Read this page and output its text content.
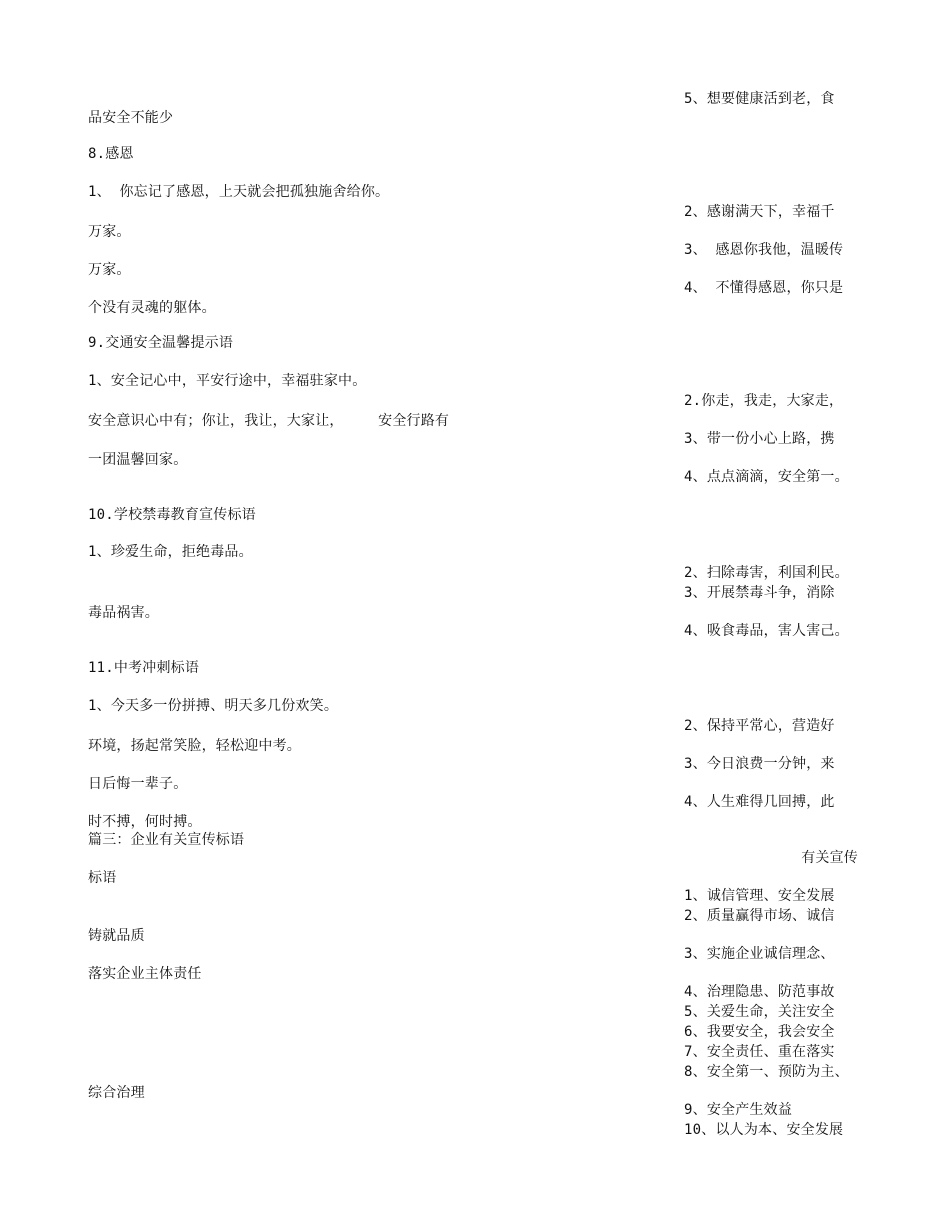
品安全不能少
8.感恩
1、 你忘记了感恩，上天就会把孤独施舍给你。
万家。
万家。
个没有灵魂的躯体。
9.交通安全温馨提示语
1、安全记心中，平安行途中，幸福驻家中。
安全意识心中有；你让，我让，大家让，    安全行路有
一团温馨回家。
10.学校禁毒教育宣传标语
1、珍爱生命，拒绝毒品。
毒品祸害。
11.中考冲刺标语
1、今天多一份拼搏、明天多几份欢笑。
环境，扬起常笑脸，轻松迎中考。
日后悔一辈子。
时不搏，何时搏。
篇三：企业有关宣传标语
标语
铸就品质
落实企业主体责任
综合治理
5、想要健康活到老，食
2、感谢满天下，幸福千
3、 感恩你我他，温暖传
4、 不懂得感恩，你只是
2.你走，我走，大家走，
3、带一份小心上路，携
4、点点滴滴，安全第一。
2、扫除毒害，利国利民。
3、开展禁毒斗争，消除
4、吸食毒品，害人害己。
2、保持平常心，营造好
3、今日浪费一分钟，来
4、人生难得几回搏，此
有关宣传
1、诚信管理、安全发展
2、质量赢得市场、诚信
3、实施企业诚信理念、
4、治理隐患、防范事故
5、关爱生命，关注安全
6、我要安全，我会安全
7、安全责任、重在落实
8、安全第一、预防为主、
9、安全产生效益
10、以人为本、安全发展
